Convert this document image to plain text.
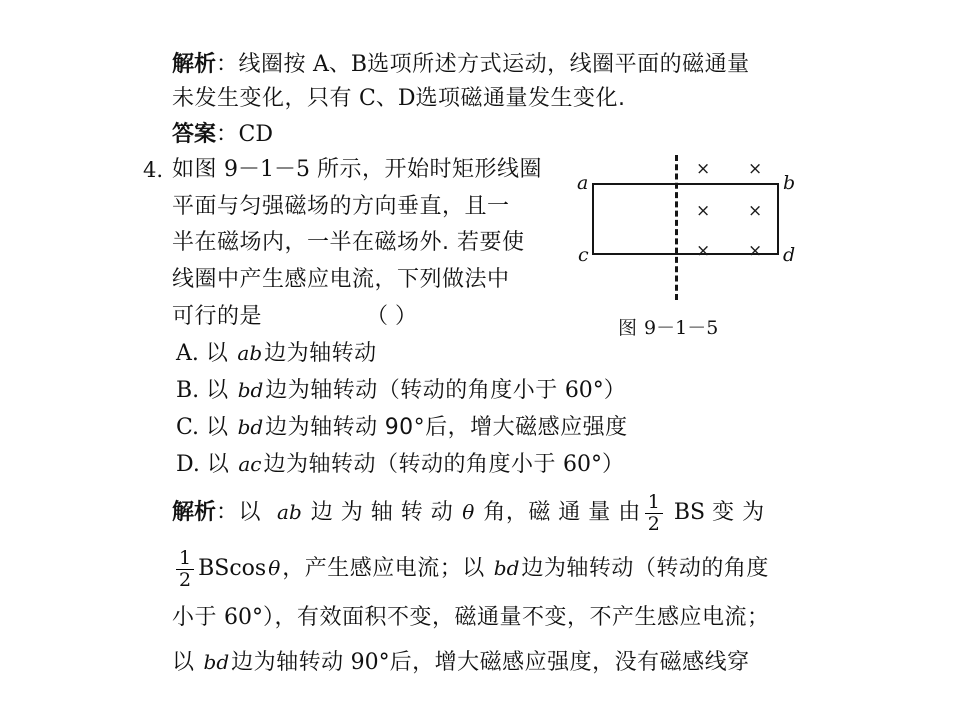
解析：线圈按 A、B选项所述方式运动，线圈平面的磁通量
未发生变化，只有 C、D选项磁通量发生变化.
答案：CD
4. 如图 9－1－5 所示，开始时矩形线圈
平面与匀强磁场的方向垂直，且一
半在磁场内，一半在磁场外. 若要使
线圈中产生感应电流，下列做法中
可行的是	（ ）
A. 以 ab边为轴转动
B. 以 bd边为轴转动（转动的角度小于 60°）
C. 以 bd边为轴转动 90°后，增大磁感应强度
D. 以 ac边为轴转动（转动的角度小于 60°）
× ×
× ×
× ×
a	b
c	d
图 9－1－5
解析：以 ab 边 为 轴 转 动 θ 角，磁 通 量 由 $\frac{1}{2}$ BS 变 为
$\frac{1}{2}$ BScos θ，产生感应电流；以 bd边为轴转动（转动的角度
小于 60°），有效面积不变，磁通量不变，不产生感应电流；
以 bd边为轴转动 90°后，增大磁感应强度，没有磁感线穿
